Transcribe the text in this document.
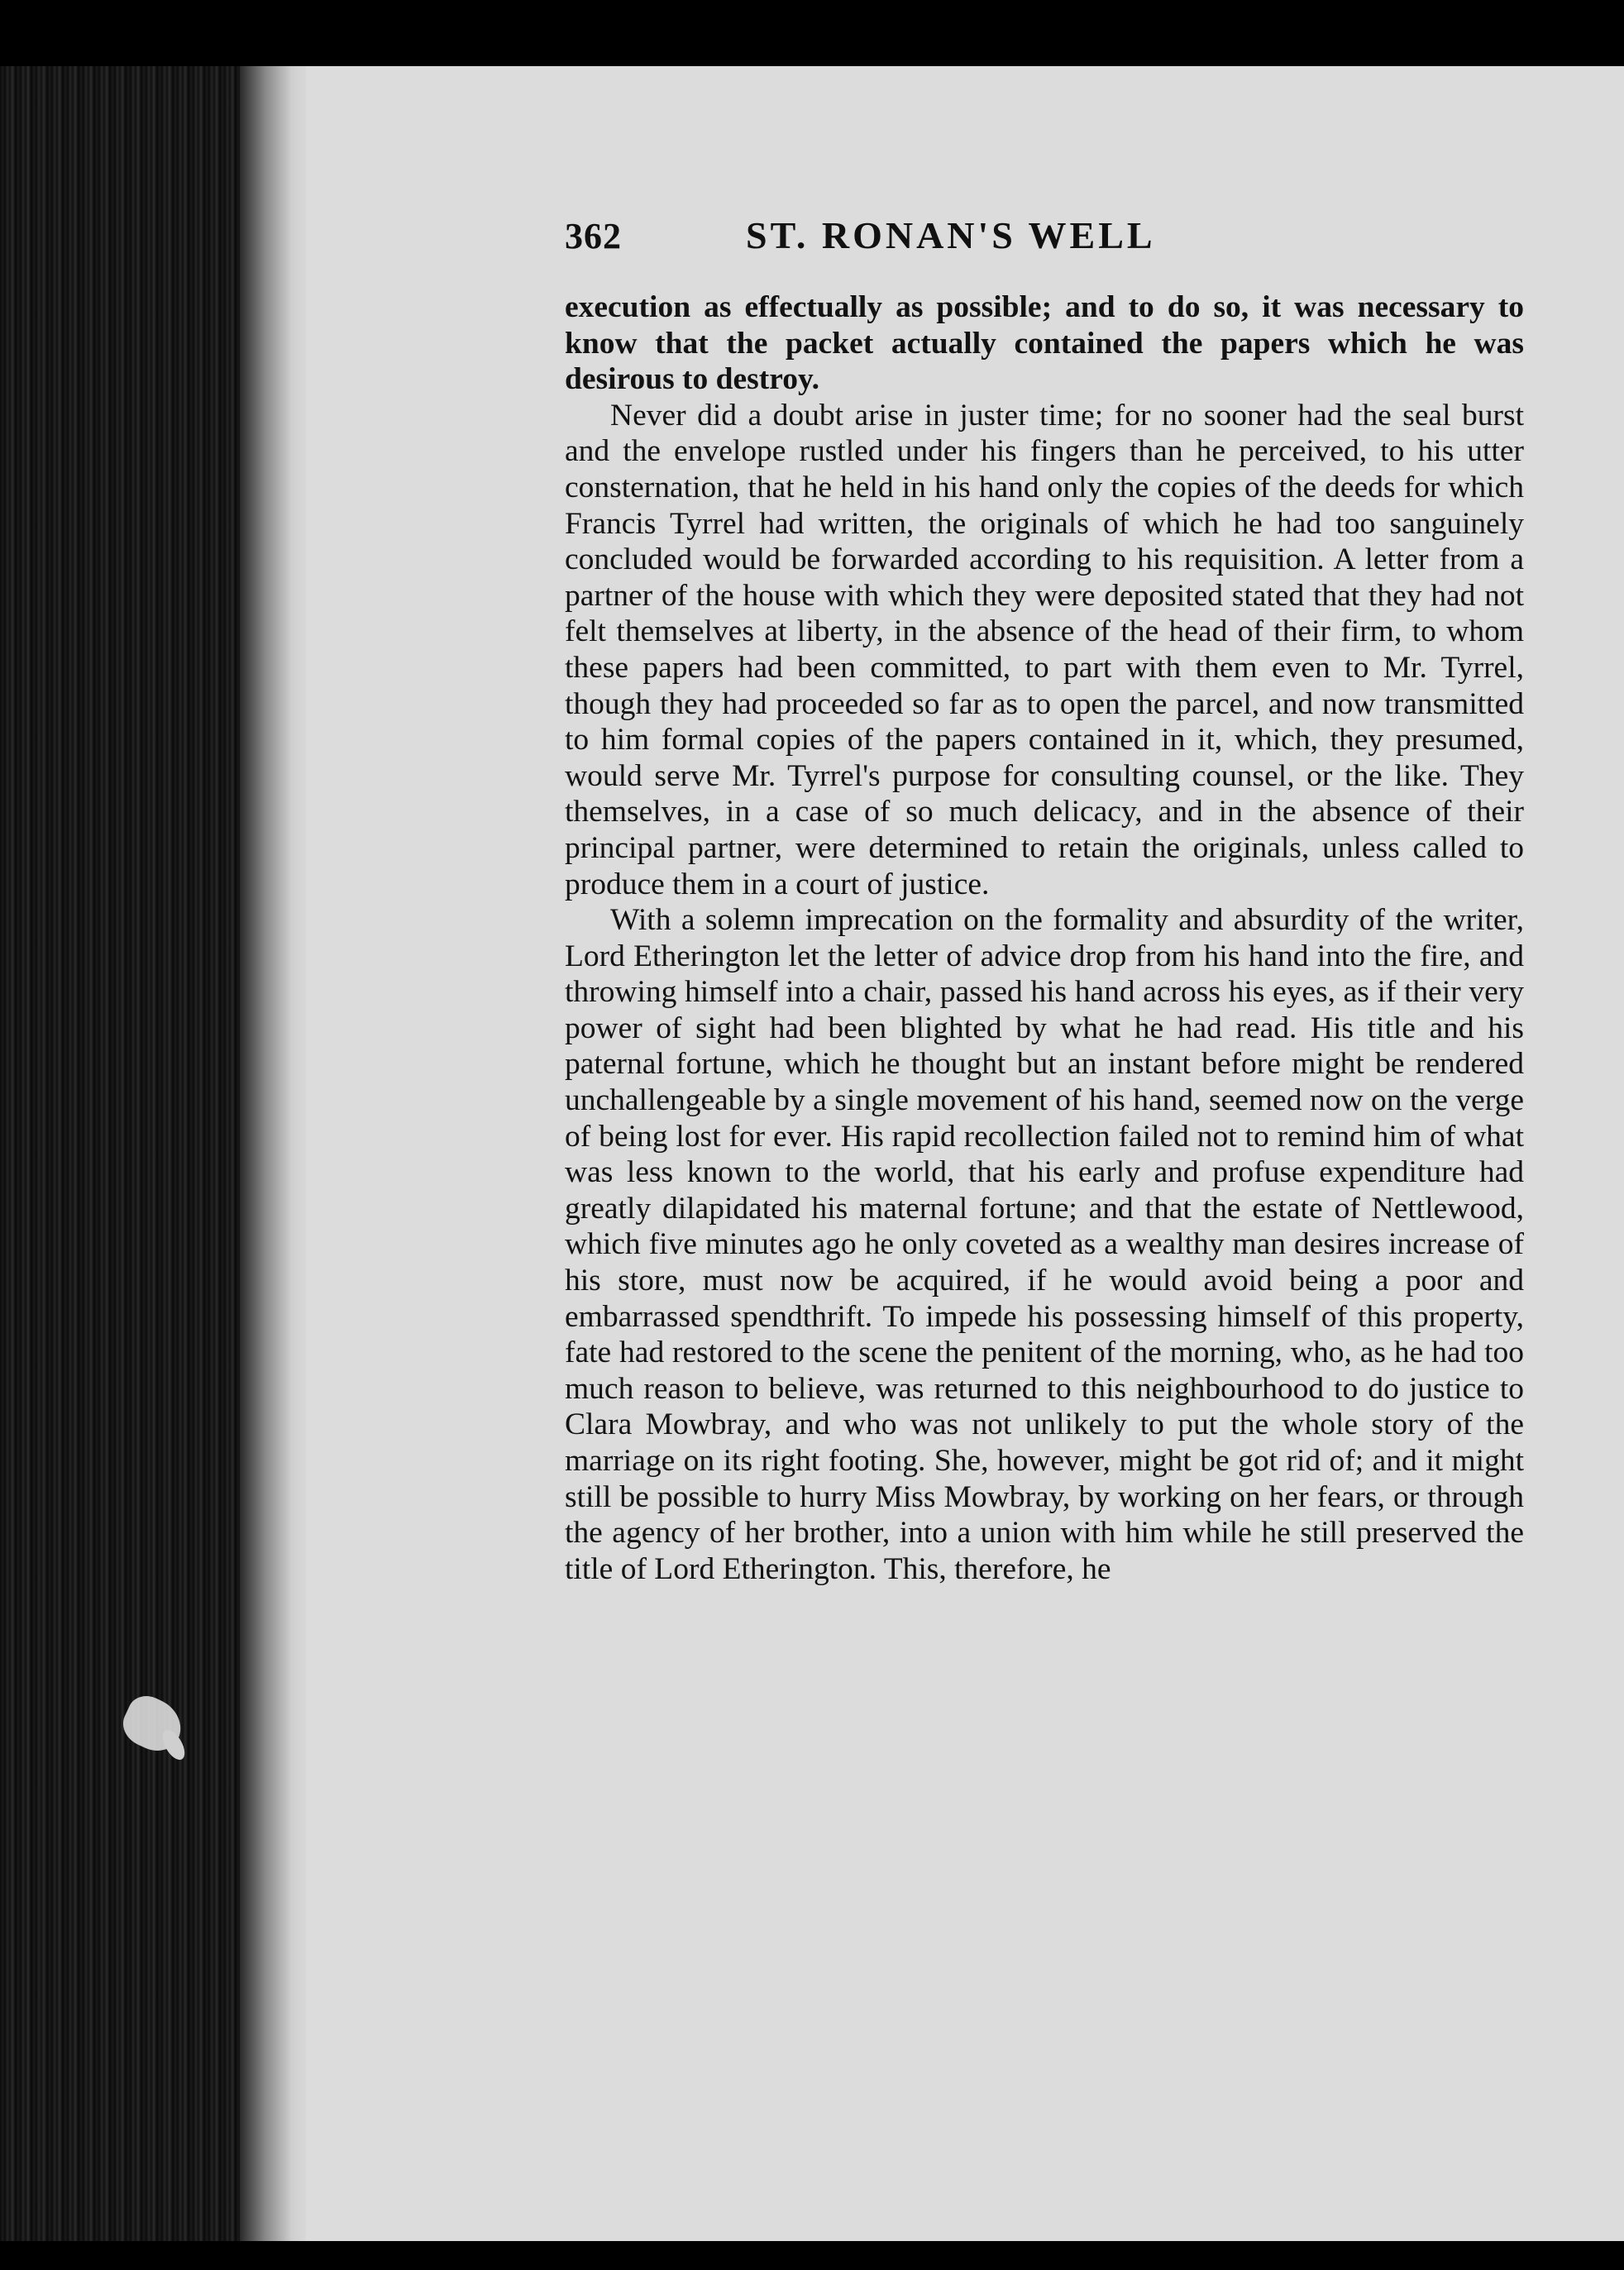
362	ST. RONAN'S WELL

execution as effectually as possible; and to do so, it was necessary to know that the packet actually contained the papers which he was desirous to destroy.

Never did a doubt arise in juster time; for no sooner had the seal burst and the envelope rustled under his fingers than he perceived, to his utter consternation, that he held in his hand only the copies of the deeds for which Francis Tyrrel had written, the originals of which he had too sanguinely concluded would be forwarded according to his requisition. A letter from a partner of the house with which they were deposited stated that they had not felt themselves at liberty, in the absence of the head of their firm, to whom these papers had been committed, to part with them even to Mr. Tyrrel, though they had proceeded so far as to open the parcel, and now transmitted to him formal copies of the papers contained in it, which, they presumed, would serve Mr. Tyrrel's purpose for consulting counsel, or the like. They themselves, in a case of so much delicacy, and in the absence of their principal partner, were determined to retain the originals, unless called to produce them in a court of justice.

With a solemn imprecation on the formality and absurdity of the writer, Lord Etherington let the letter of advice drop from his hand into the fire, and throwing himself into a chair, passed his hand across his eyes, as if their very power of sight had been blighted by what he had read. His title and his paternal fortune, which he thought but an instant before might be rendered unchallengeable by a single movement of his hand, seemed now on the verge of being lost for ever. His rapid recollection failed not to remind him of what was less known to the world, that his early and profuse expenditure had greatly dilapidated his maternal fortune; and that the estate of Nettlewood, which five minutes ago he only coveted as a wealthy man desires increase of his store, must now be acquired, if he would avoid being a poor and embarrassed spendthrift. To impede his possessing himself of this property, fate had restored to the scene the penitent of the morning, who, as he had too much reason to believe, was returned to this neighbourhood to do justice to Clara Mowbray, and who was not unlikely to put the whole story of the marriage on its right footing. She, however, might be got rid of; and it might still be possible to hurry Miss Mowbray, by working on her fears, or through the agency of her brother, into a union with him while he still preserved the title of Lord Etherington. This, therefore, he
